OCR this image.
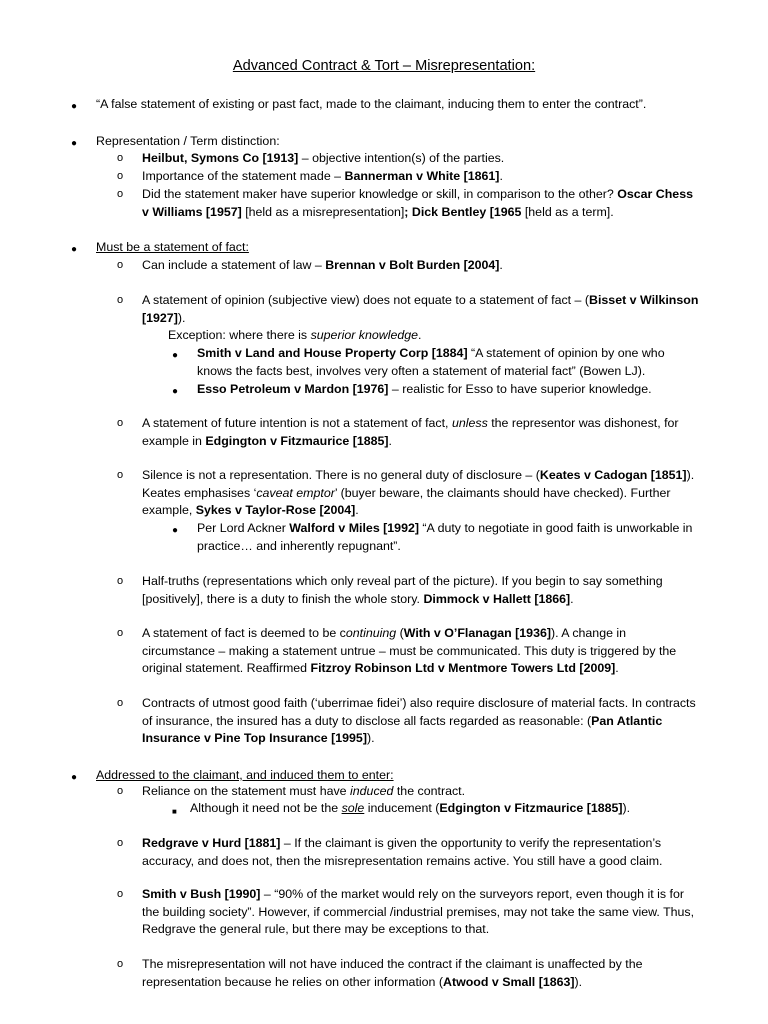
Advanced Contract & Tort – Misrepresentation:
● “A false statement of existing or past fact, made to the claimant, inducing them to enter the contract”.
● Representation / Term distinction:
o Heilbut, Symons Co [1913] – objective intention(s) of the parties.
o Importance of the statement made – Bannerman v White [1861].
o Did the statement maker have superior knowledge or skill, in comparison to the other? Oscar Chess v Williams [1957] [held as a misrepresentation]; Dick Bentley [1965 [held as a term].
● Must be a statement of fact:
o Can include a statement of law – Brennan v Bolt Burden [2004].
o A statement of opinion (subjective view) does not equate to a statement of fact – (Bisset v Wilkinson [1927]).
Exception: where there is superior knowledge.
● Smith v Land and House Property Corp [1884] “A statement of opinion by one who knows the facts best, involves very often a statement of material fact” (Bowen LJ).
● Esso Petroleum v Mardon [1976] – realistic for Esso to have superior knowledge.
o A statement of future intention is not a statement of fact, unless the representor was dishonest, for example in Edgington v Fitzmaurice [1885].
o Silence is not a representation. There is no general duty of disclosure – (Keates v Cadogan [1851]). Keates emphasises ‘caveat emptor’ (buyer beware, the claimants should have checked). Further example, Sykes v Taylor-Rose [2004].
● Per Lord Ackner Walford v Miles [1992] “A duty to negotiate in good faith is unworkable in practice… and inherently repugnant”.
o Half-truths (representations which only reveal part of the picture). If you begin to say something [positively], there is a duty to finish the whole story. Dimmock v Hallett [1866].
o A statement of fact is deemed to be continuing (With v O’Flanagan [1936]). A change in circumstance – making a statement untrue – must be communicated. This duty is triggered by the original statement. Reaffirmed Fitzroy Robinson Ltd v Mentmore Towers Ltd [2009].
o Contracts of utmost good faith (‘uberrimae fidei’) also require disclosure of material facts. In contracts of insurance, the insured has a duty to disclose all facts regarded as reasonable: (Pan Atlantic Insurance v Pine Top Insurance [1995]).
● Addressed to the claimant, and induced them to enter:
o Reliance on the statement must have induced the contract.
■ Although it need not be the sole inducement (Edgington v Fitzmaurice [1885]).
o Redgrave v Hurd [1881] – If the claimant is given the opportunity to verify the representation’s accuracy, and does not, then the misrepresentation remains active. You still have a good claim.
o Smith v Bush [1990] – “90% of the market would rely on the surveyors report, even though it is for the building society”. However, if commercial /industrial premises, may not take the same view. Thus, Redgrave the general rule, but there may be exceptions to that.
o The misrepresentation will not have induced the contract if the claimant is unaffected by the representation because he relies on other information (Atwood v Small [1863]).
